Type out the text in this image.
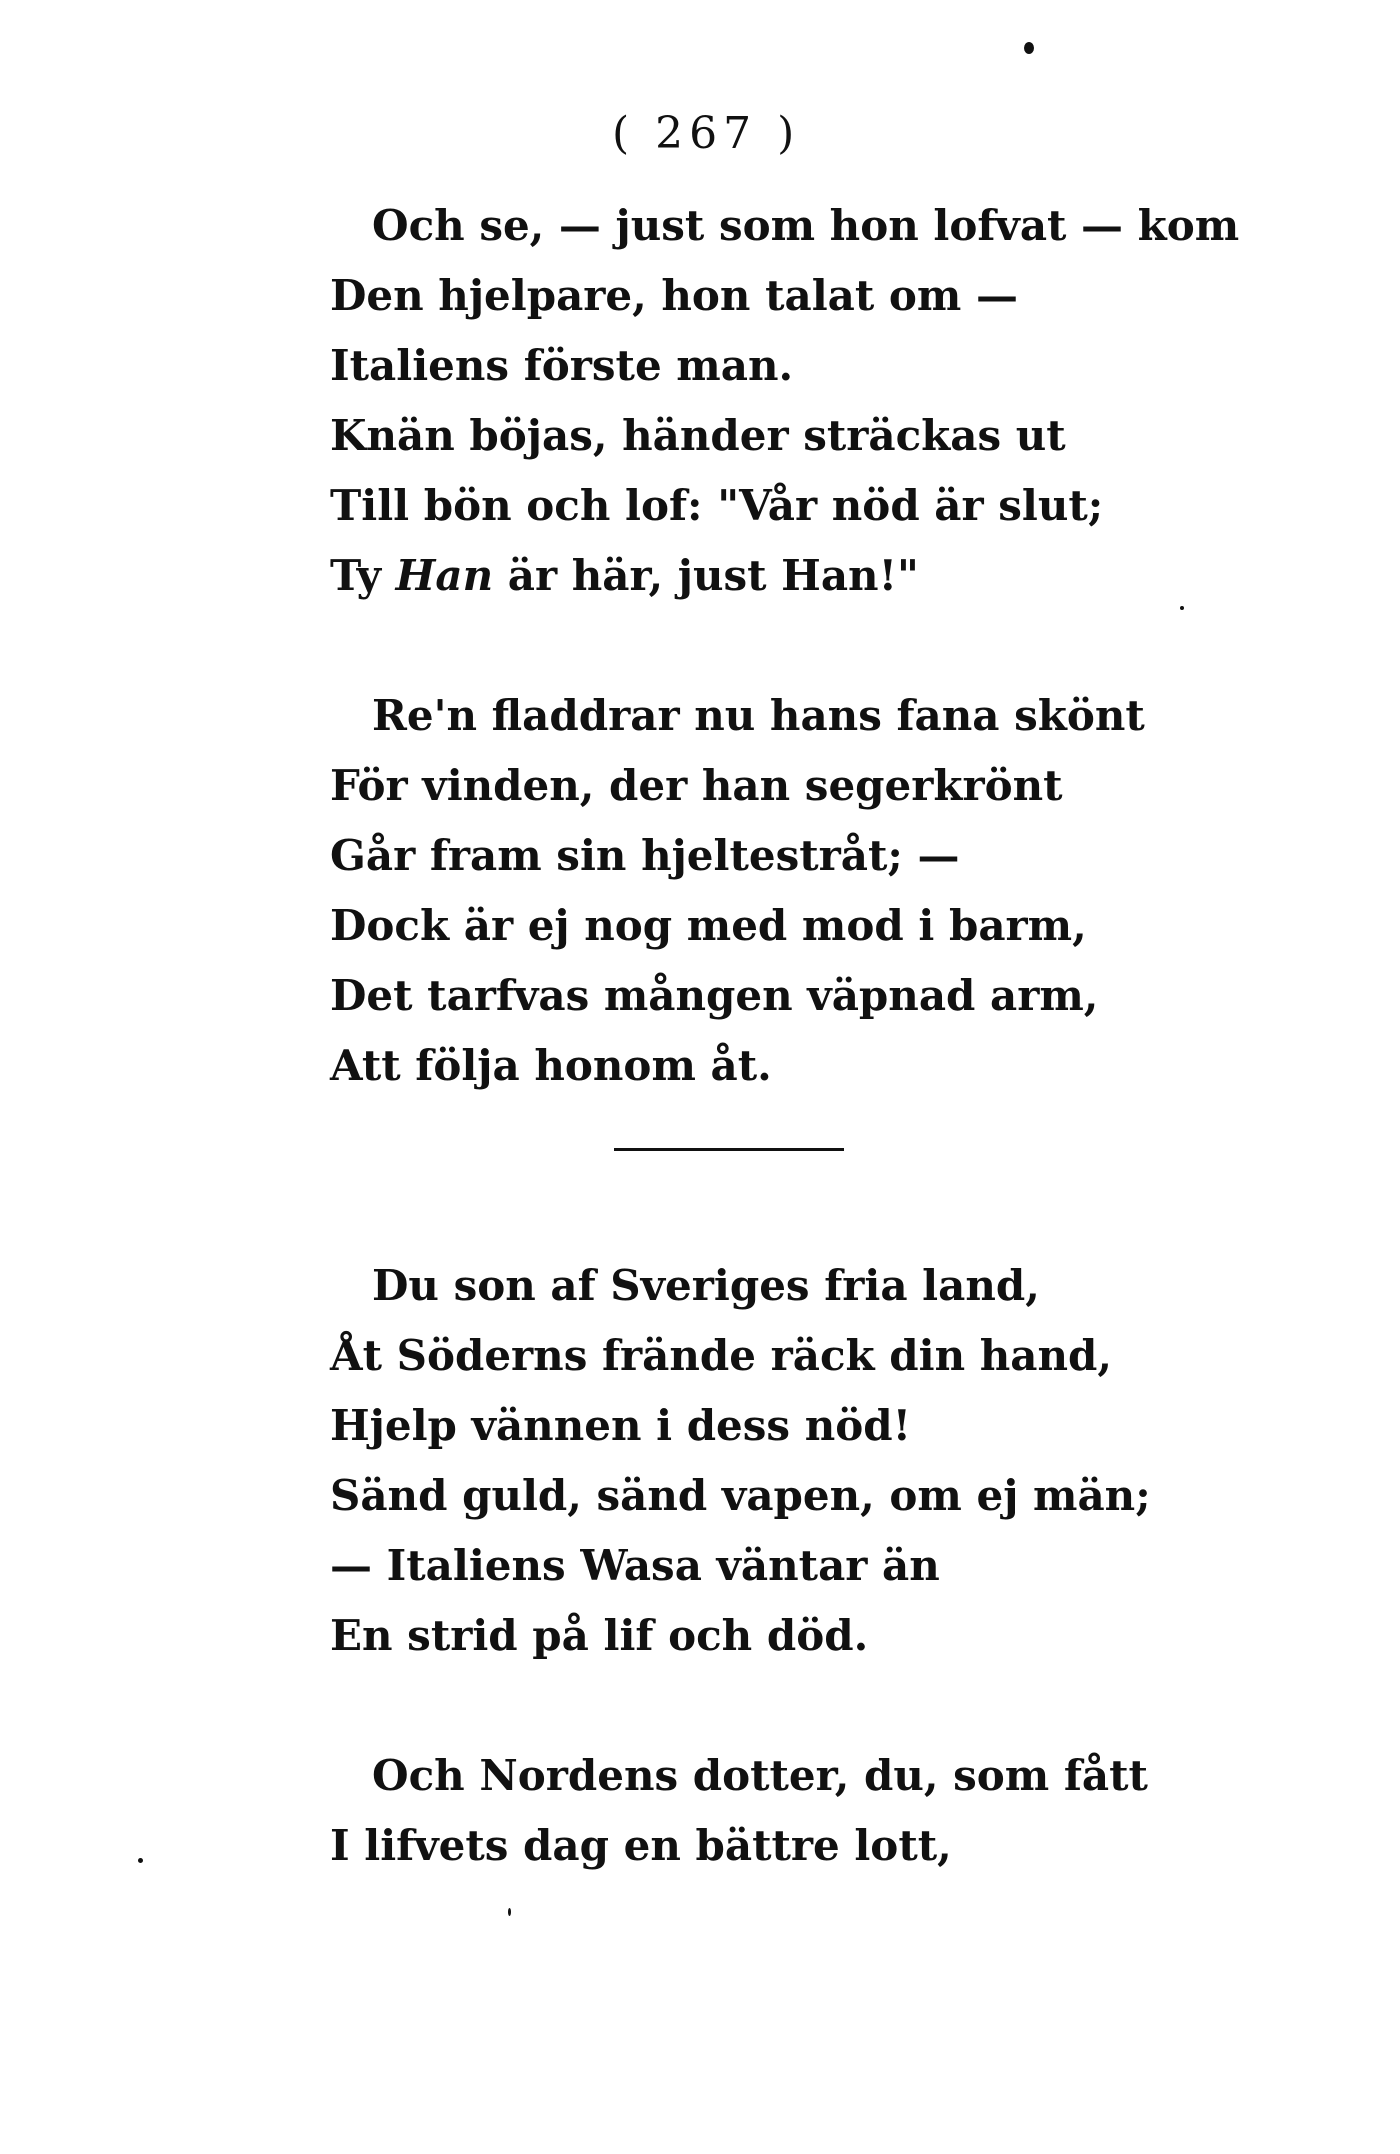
( 267 )
Och se, — just som hon lofvat — kom
Den hjelpare, hon talat om —
Italiens förste man.
Knän böjas, händer sträckas ut
Till bön och lof: "Vår nöd är slut;
Ty Han är här, just Han!"
Re'n fladdrar nu hans fana skönt
För vinden, der han segerkrönt
Går fram sin hjeltestråt; —
Dock är ej nog med mod i barm,
Det tarfvas mången väpnad arm,
Att följa honom åt.
Du son af Sveriges fria land,
Åt Söderns frände räck din hand,
Hjelp vännen i dess nöd!
Sänd guld, sänd vapen, om ej män;
— Italiens Wasa väntar än
En strid på lif och död.
Och Nordens dotter, du, som fått
I lifvets dag en bättre lott,
